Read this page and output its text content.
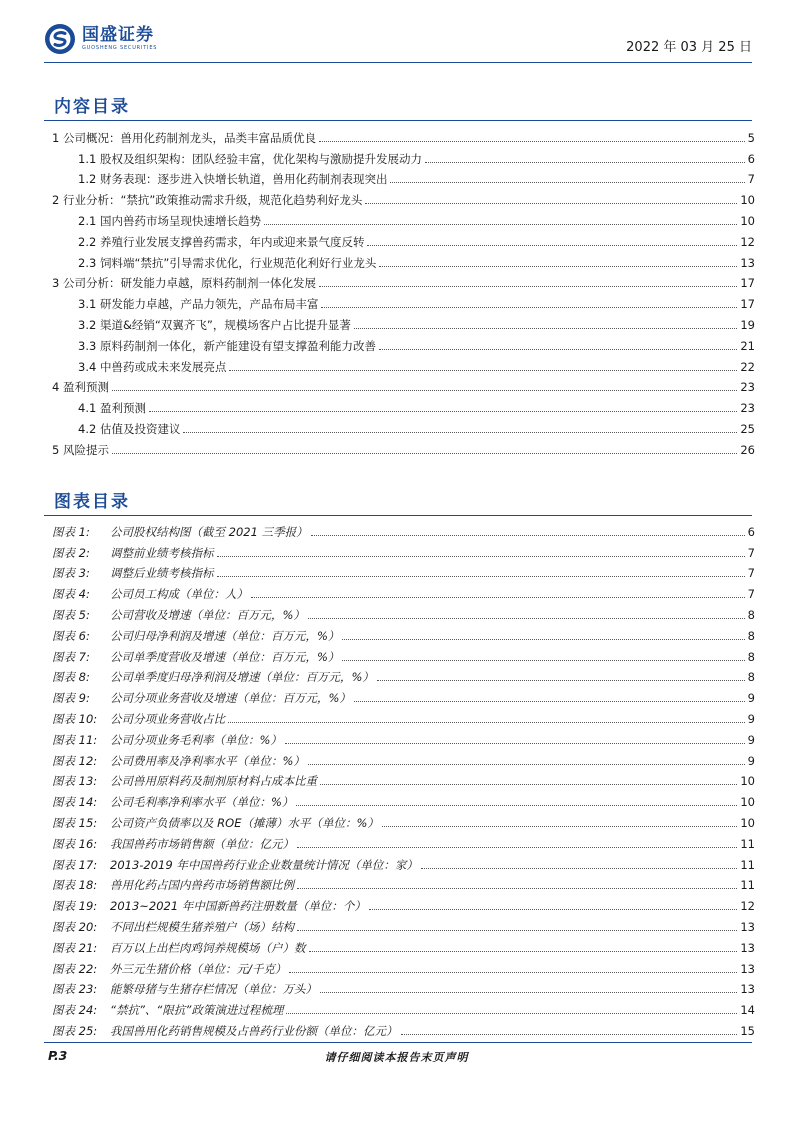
国盛证券
GUOSHENG SECURITIES	2022 年 03 月 25 日
内容目录
1 公司概况：兽用化药制剂龙头，品类丰富品质优良	5
1.1 股权及组织架构：团队经验丰富，优化架构与激励提升发展动力	6
1.2 财务表现：逐步进入快增长轨道，兽用化药制剂表现突出	7
2 行业分析：“禁抗”政策推动需求升级，规范化趋势利好龙头	10
2.1 国内兽药市场呈现快速增长趋势	10
2.2 养殖行业发展支撑兽药需求，年内或迎来景气度反转	12
2.3 饲料端“禁抗”引导需求优化，行业规范化利好行业龙头	13
3 公司分析：研发能力卓越，原料药制剂一体化发展	17
3.1 研发能力卓越，产品力领先，产品布局丰富	17
3.2 渠道&经销“双翼齐飞”，规模场客户占比提升显著	19
3.3 原料药制剂一体化，新产能建设有望支撑盈利能力改善	21
3.4 中兽药或成未来发展亮点	22
4 盈利预测	23
4.1 盈利预测	23
4.2 估值及投资建议	25
5 风险提示	26
图表目录
图表 1:	公司股权结构图（截至 2021 三季报）	6
图表 2:	调整前业绩考核指标	7
图表 3:	调整后业绩考核指标	7
图表 4:	公司员工构成（单位：人）	7
图表 5:	公司营收及增速（单位：百万元，%）	8
图表 6:	公司归母净利润及增速（单位：百万元，%）	8
图表 7:	公司单季度营收及增速（单位：百万元，%）	8
图表 8:	公司单季度归母净利润及增速（单位：百万元，%）	8
图表 9:	公司分项业务营收及增速（单位：百万元，%）	9
图表 10:	公司分项业务营收占比	9
图表 11:	公司分项业务毛利率（单位：%）	9
图表 12:	公司费用率及净利率水平（单位：%）	9
图表 13:	公司兽用原料药及制剂原材料占成本比重	10
图表 14:	公司毛利率净利率水平（单位：%）	10
图表 15:	公司资产负债率以及 ROE（摊薄）水平（单位：%）	10
图表 16:	我国兽药市场销售额（单位：亿元）	11
图表 17:	2013-2019 年中国兽药行业企业数量统计情况（单位：家）	11
图表 18:	兽用化药占国内兽药市场销售额比例	11
图表 19:	2013~2021 年中国新兽药注册数量（单位：个）	12
图表 20:	不同出栏规模生猪养殖户（场）结构	13
图表 21:	百万以上出栏肉鸡饲养规模场（户）数	13
图表 22:	外三元生猪价格（单位：元/千克）	13
图表 23:	能繁母猪与生猪存栏情况（单位：万头）	13
图表 24:	“禁抗”、“限抗”政策演进过程梳理	14
图表 25:	我国兽用化药销售规模及占兽药行业份额（单位：亿元）	15
P.3	请仔细阅读本报告末页声明
